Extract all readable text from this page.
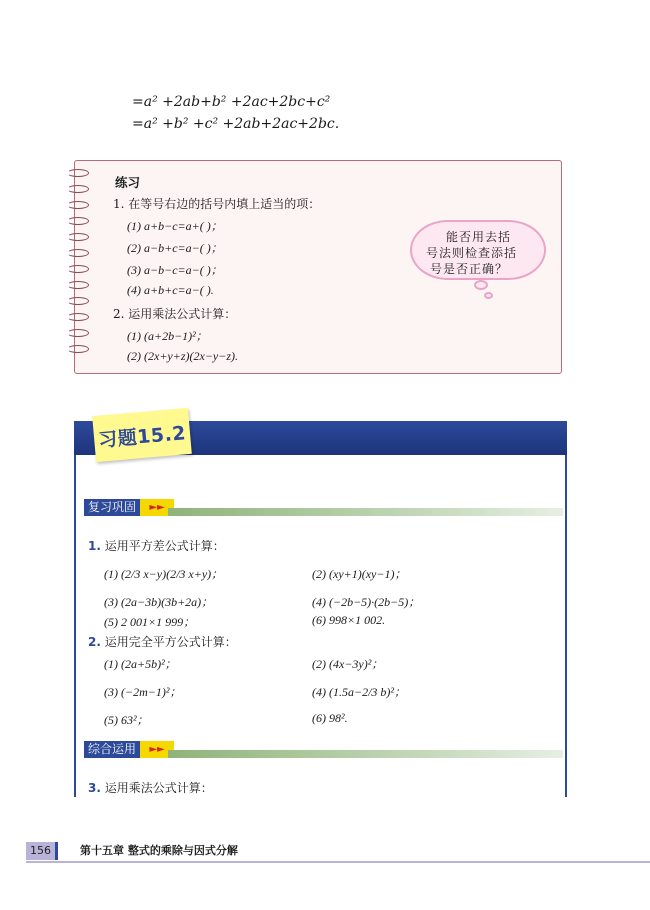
=a² +2ab+b² +2ac+2bc+c²
=a² +b² +c² +2ab+2ac+2bc.
练习
1. 在等号右边的括号内填上适当的项：
(1) a+b−c=a+( )；
(2) a−b+c=a−( )；
(3) a−b−c=a−( )；
(4) a+b+c=a−( ).
2. 运用乘法公式计算：
(1) (a+2b−1)²；
(2) (2x+y+z)(2x−y−z).
能否用去括
号法则检查添括
号是否正确？
复习巩固	►►
1. 运用平方差公式计算：
(1) (2/3 x−y)(2/3 x+y)；	(2) (xy+1)(xy−1)；
(3) (2a−3b)(3b+2a)；	(4) (−2b−5)·(2b−5)；
(5) 2 001×1 999；	(6) 998×1 002.
2. 运用完全平方公式计算：
(1) (2a+5b)²；	(2) (4x−3y)²；
(3) (−2m−1)²；	(4) (1.5a−2/3 b)²；
(5) 63²；	(6) 98².
综合运用	►►
3. 运用乘法公式计算：
习题15.2
156	第十五章 整式的乘除与因式分解
